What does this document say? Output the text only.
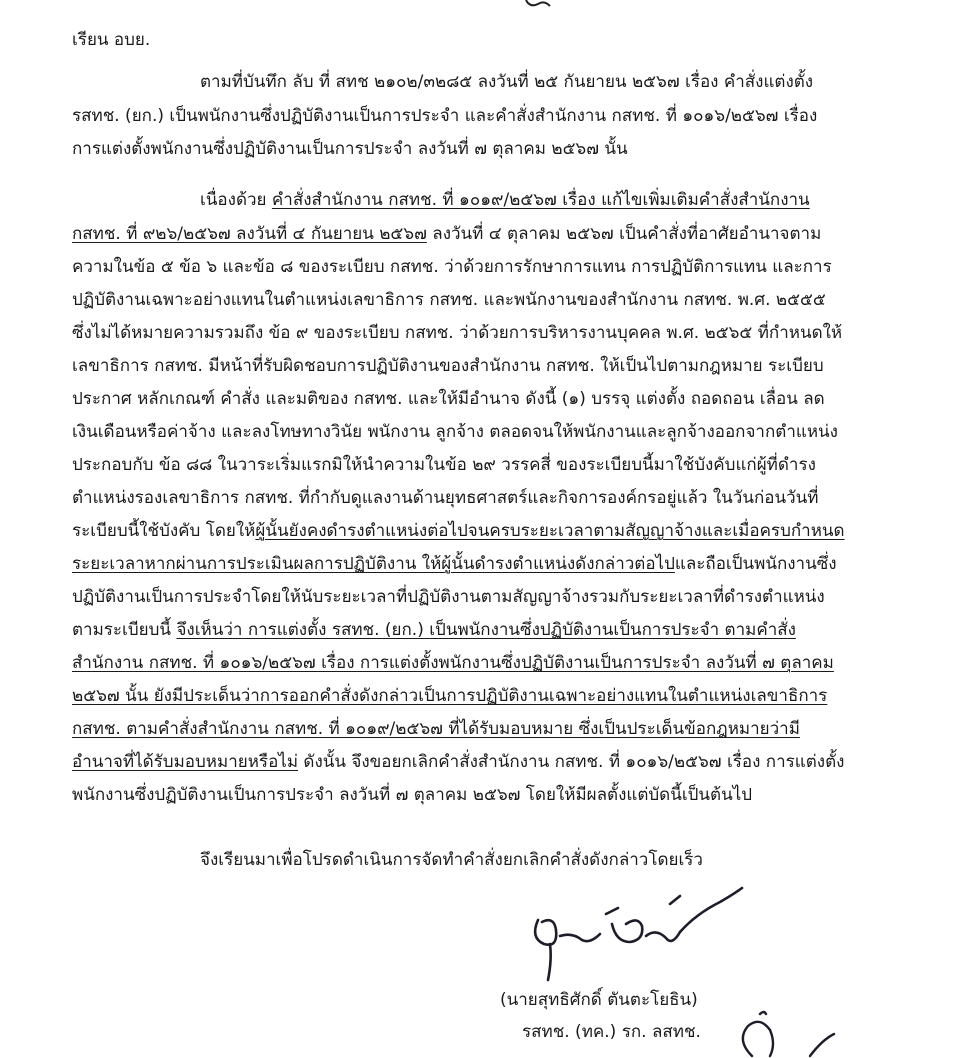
เรียน อบย.
ตามที่บันทึก ลับ ที่ สทช ๒๑๐๒/๓๒๘๕ ลงวันที่ ๒๕ กันยายน ๒๕๖๗ เรื่อง คำสั่งแต่งตั้ง
รสทช. (ยก.) เป็นพนักงานซึ่งปฏิบัติงานเป็นการประจำ และคำสั่งสำนักงาน กสทช. ที่ ๑๐๑๖/๒๕๖๗ เรื่อง
การแต่งตั้งพนักงานซึ่งปฏิบัติงานเป็นการประจำ ลงวันที่ ๗ ตุลาคม ๒๕๖๗ นั้น
เนื่องด้วย คำสั่งสำนักงาน กสทช. ที่ ๑๐๑๙/๒๕๖๗ เรื่อง แก้ไขเพิ่มเติมคำสั่งสำนักงาน
กสทช. ที่ ๙๒๖/๒๕๖๗ ลงวันที่ ๔ กันยายน ๒๕๖๗ ลงวันที่ ๔ ตุลาคม ๒๕๖๗ เป็นคำสั่งที่อาศัยอำนาจตาม
ความในข้อ ๕ ข้อ ๖ และข้อ ๘ ของระเบียบ กสทช. ว่าด้วยการรักษาการแทน การปฏิบัติการแทน และการ
ปฏิบัติงานเฉพาะอย่างแทนในตำแหน่งเลขาธิการ กสทช. และพนักงานของสำนักงาน กสทช. พ.ศ. ๒๕๕๕
ซึ่งไม่ได้หมายความรวมถึง ข้อ ๙ ของระเบียบ กสทช. ว่าด้วยการบริหารงานบุคคล พ.ศ. ๒๕๖๕ ที่กำหนดให้
เลขาธิการ กสทช. มีหน้าที่รับผิดชอบการปฏิบัติงานของสำนักงาน กสทช. ให้เป็นไปตามกฎหมาย ระเบียบ
ประกาศ หลักเกณฑ์ คำสั่ง และมติของ กสทช. และให้มีอำนาจ ดังนี้ (๑) บรรจุ แต่งตั้ง ถอดถอน เลื่อน ลด
เงินเดือนหรือค่าจ้าง และลงโทษทางวินัย พนักงาน ลูกจ้าง ตลอดจนให้พนักงานและลูกจ้างออกจากตำแหน่ง
ประกอบกับ ข้อ ๘๘ ในวาระเริ่มแรกมิให้นำความในข้อ ๒๙ วรรคสี่ ของระเบียบนี้มาใช้บังคับแก่ผู้ที่ดำรง
ตำแหน่งรองเลขาธิการ กสทช. ที่กำกับดูแลงานด้านยุทธศาสตร์และกิจการองค์กรอยู่แล้ว ในวันก่อนวันที่
ระเบียบนี้ใช้บังคับ โดยให้ผู้นั้นยังคงดำรงตำแหน่งต่อไปจนครบระยะเวลาตามสัญญาจ้างและเมื่อครบกำหนด
ระยะเวลาหากผ่านการประเมินผลการปฏิบัติงาน ให้ผู้นั้นดำรงตำแหน่งดังกล่าวต่อไปและถือเป็นพนักงานซึ่ง
ปฏิบัติงานเป็นการประจำโดยให้นับระยะเวลาที่ปฏิบัติงานตามสัญญาจ้างรวมกับระยะเวลาที่ดำรงตำแหน่ง
ตามระเบียบนี้ จึงเห็นว่า การแต่งตั้ง รสทช. (ยก.) เป็นพนักงานซึ่งปฏิบัติงานเป็นการประจำ ตามคำสั่ง
สำนักงาน กสทช. ที่ ๑๐๑๖/๒๕๖๗ เรื่อง การแต่งตั้งพนักงานซึ่งปฏิบัติงานเป็นการประจำ ลงวันที่ ๗ ตุลาคม
๒๕๖๗ นั้น ยังมีประเด็นว่าการออกคำสั่งดังกล่าวเป็นการปฏิบัติงานเฉพาะอย่างแทนในตำแหน่งเลขาธิการ
กสทช. ตามคำสั่งสำนักงาน กสทช. ที่ ๑๐๑๙/๒๕๖๗ ที่ได้รับมอบหมาย ซึ่งเป็นประเด็นข้อกฎหมายว่ามี
อำนาจที่ได้รับมอบหมายหรือไม่ ดังนั้น จึงขอยกเลิกคำสั่งสำนักงาน กสทช. ที่ ๑๐๑๖/๒๕๖๗ เรื่อง การแต่งตั้ง
พนักงานซึ่งปฏิบัติงานเป็นการประจำ ลงวันที่ ๗ ตุลาคม ๒๕๖๗ โดยให้มีผลตั้งแต่บัดนี้เป็นต้นไป
จึงเรียนมาเพื่อโปรดดำเนินการจัดทำคำสั่งยกเลิกคำสั่งดังกล่าวโดยเร็ว
(นายสุทธิศักดิ์ ตันตะโยธิน)
รสทช. (ทค.) รก. ลสทช.
